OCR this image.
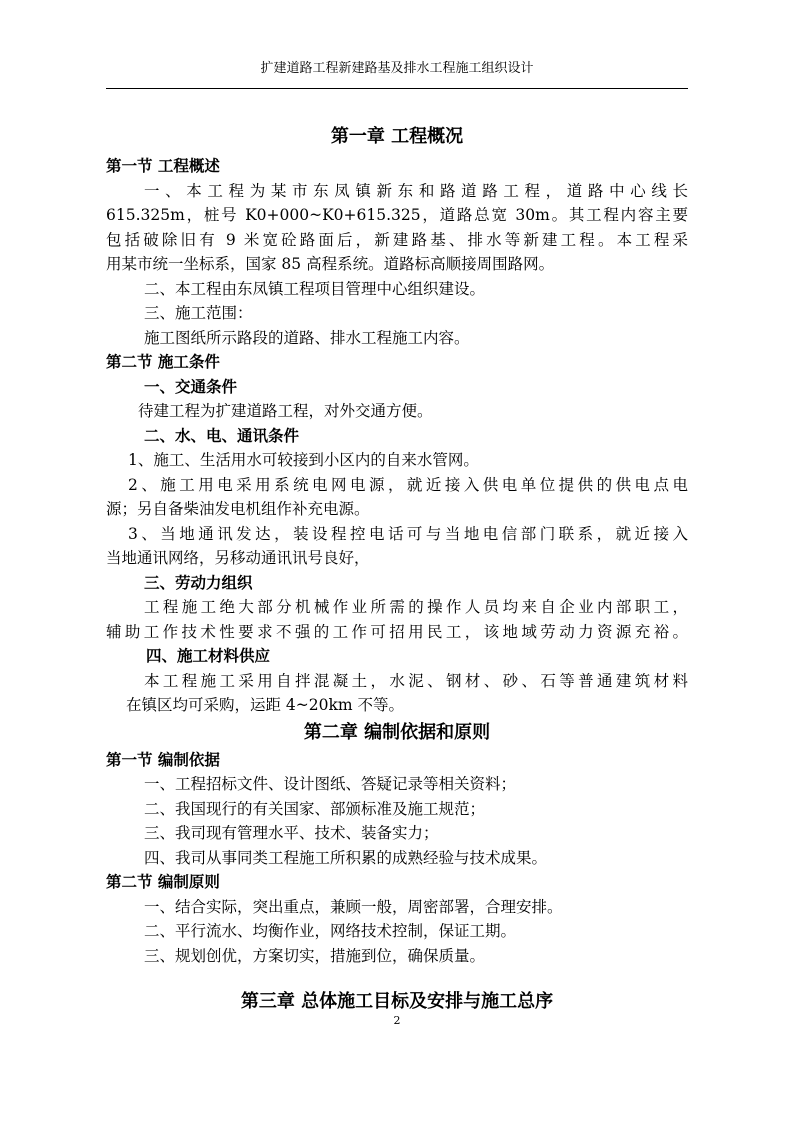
扩建道路工程新建路基及排水工程施工组织设计
第一章 工程概况
第一节 工程概述
一、本工程为某市东凤镇新东和路道路工程，道路中心线长
615.325m，桩号 K0+000~K0+615.325，道路总宽 30m。其工程内容主要
包括破除旧有 9 米宽砼路面后，新建路基、排水等新建工程。本工程采
用某市统一坐标系，国家 85 高程系统。道路标高顺接周围路网。
二、本工程由东凤镇工程项目管理中心组织建设。
三、施工范围：
施工图纸所示路段的道路、排水工程施工内容。
第二节 施工条件
一、交通条件
待建工程为扩建道路工程，对外交通方便。
二、水、电、通讯条件
1、施工、生活用水可较接到小区内的自来水管网。
2、施工用电采用系统电网电源，就近接入供电单位提供的供电点电
源；另自备柴油发电机组作补充电源。
3、当地通讯发达，装设程控电话可与当地电信部门联系，就近接入
当地通讯网络，另移动通讯讯号良好，
三、劳动力组织
工程施工绝大部分机械作业所需的操作人员均来自企业内部职工，
辅助工作技术性要求不强的工作可招用民工，该地域劳动力资源充裕。
四、施工材料供应
本工程施工采用自拌混凝土，水泥、钢材、砂、石等普通建筑材料
在镇区均可采购，运距 4~20km 不等。
第二章 编制依据和原则
第一节 编制依据
一、工程招标文件、设计图纸、答疑记录等相关资料；
二、我国现行的有关国家、部颁标准及施工规范；
三、我司现有管理水平、技术、装备实力；
四、我司从事同类工程施工所积累的成熟经验与技术成果。
第二节 编制原则
一、结合实际，突出重点，兼顾一般，周密部署，合理安排。
二、平行流水、均衡作业，网络技术控制，保证工期。
三、规划创优，方案切实，措施到位，确保质量。
第三章 总体施工目标及安排与施工总序
2
